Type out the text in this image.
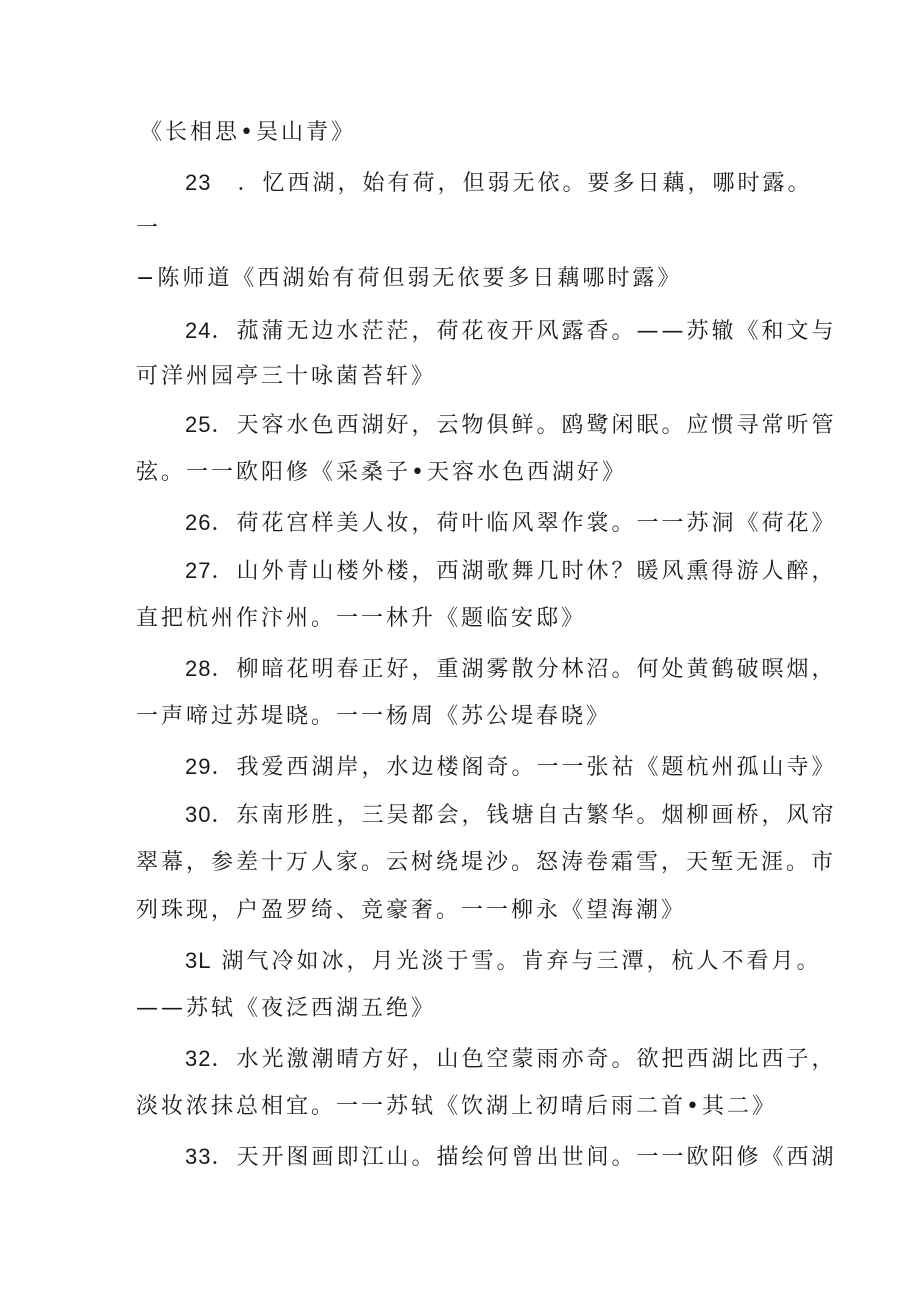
《长相思•吴山青》
23 ．忆西湖，始有荷，但弱无依。要多日藕，哪时露。
一
−陈师道《西湖始有荷但弱无依要多日藕哪时露》
24．菰蒲无边水茫茫，荷花夜开风露香。——苏辙《和文与
可洋州园亭三十咏菌苔轩》
25．天容水色西湖好，云物俱鲜。鸥鹭闲眠。应惯寻常听管
弦。一一欧阳修《采桑子•天容水色西湖好》
26．荷花宫样美人妆，荷叶临风翠作裳。一一苏洞《荷花》
27．山外青山楼外楼，西湖歌舞几时休？暖风熏得游人醉，
直把杭州作汴州。一一林升《题临安邸》
28．柳暗花明春正好，重湖雾散分林沼。何处黄鹤破暝烟，
一声啼过苏堤晓。一一杨周《苏公堤春晓》
29．我爱西湖岸，水边楼阁奇。一一张祜《题杭州孤山寺》
30．东南形胜，三吴都会，钱塘自古繁华。烟柳画桥，风帘
翠幕，参差十万人家。云树绕堤沙。怒涛卷霜雪，天堑无涯。市
列珠现，户盈罗绮、竞豪奢。一一柳永《望海潮》
3L 湖气冷如冰，月光淡于雪。肯弃与三潭，杭人不看月。
——苏轼《夜泛西湖五绝》
32．水光激潮晴方好，山色空蒙雨亦奇。欲把西湖比西子，
淡妆浓抹总相宜。一一苏轼《饮湖上初晴后雨二首•其二》
33．天开图画即江山。描绘何曾出世间。一一欧阳修《西湖
